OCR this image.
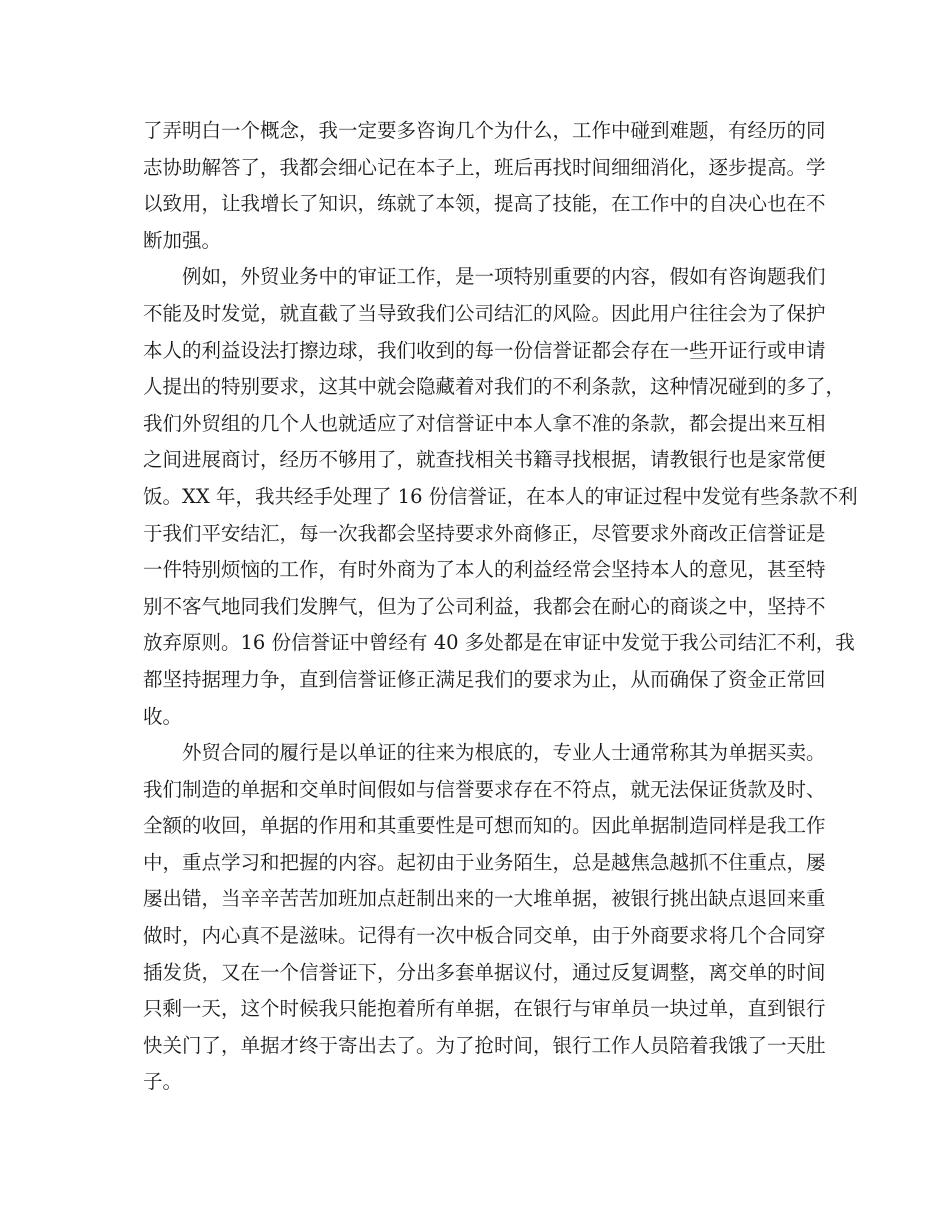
了弄明白一个概念，我一定要多咨询几个为什么，工作中碰到难题，有经历的同
志协助解答了，我都会细心记在本子上，班后再找时间细细消化，逐步提高。学
以致用，让我增长了知识，练就了本领，提高了技能，在工作中的自决心也在不
断加强。
例如，外贸业务中的审证工作，是一项特别重要的内容，假如有咨询题我们
不能及时发觉，就直截了当导致我们公司结汇的风险。因此用户往往会为了保护
本人的利益设法打擦边球，我们收到的每一份信誉证都会存在一些开证行或申请
人提出的特别要求，这其中就会隐藏着对我们的不利条款，这种情况碰到的多了，
我们外贸组的几个人也就适应了对信誉证中本人拿不准的条款，都会提出来互相
之间进展商讨，经历不够用了，就查找相关书籍寻找根据，请教银行也是家常便
饭。XX 年，我共经手处理了 16 份信誉证，在本人的审证过程中发觉有些条款不利
于我们平安结汇，每一次我都会坚持要求外商修正，尽管要求外商改正信誉证是
一件特别烦恼的工作，有时外商为了本人的利益经常会坚持本人的意见，甚至特
别不客气地同我们发脾气，但为了公司利益，我都会在耐心的商谈之中，坚持不
放弃原则。16 份信誉证中曾经有 40 多处都是在审证中发觉于我公司结汇不利，我
都坚持据理力争，直到信誉证修正满足我们的要求为止，从而确保了资金正常回
收。
外贸合同的履行是以单证的往来为根底的，专业人士通常称其为单据买卖。
我们制造的单据和交单时间假如与信誉要求存在不符点，就无法保证货款及时、
全额的收回，单据的作用和其重要性是可想而知的。因此单据制造同样是我工作
中，重点学习和把握的内容。起初由于业务陌生，总是越焦急越抓不住重点，屡
屡出错，当辛辛苦苦加班加点赶制出来的一大堆单据，被银行挑出缺点退回来重
做时，内心真不是滋味。记得有一次中板合同交单，由于外商要求将几个合同穿
插发货，又在一个信誉证下，分出多套单据议付，通过反复调整，离交单的时间
只剩一天，这个时候我只能抱着所有单据，在银行与审单员一块过单，直到银行
快关门了，单据才终于寄出去了。为了抢时间，银行工作人员陪着我饿了一天肚
子。
